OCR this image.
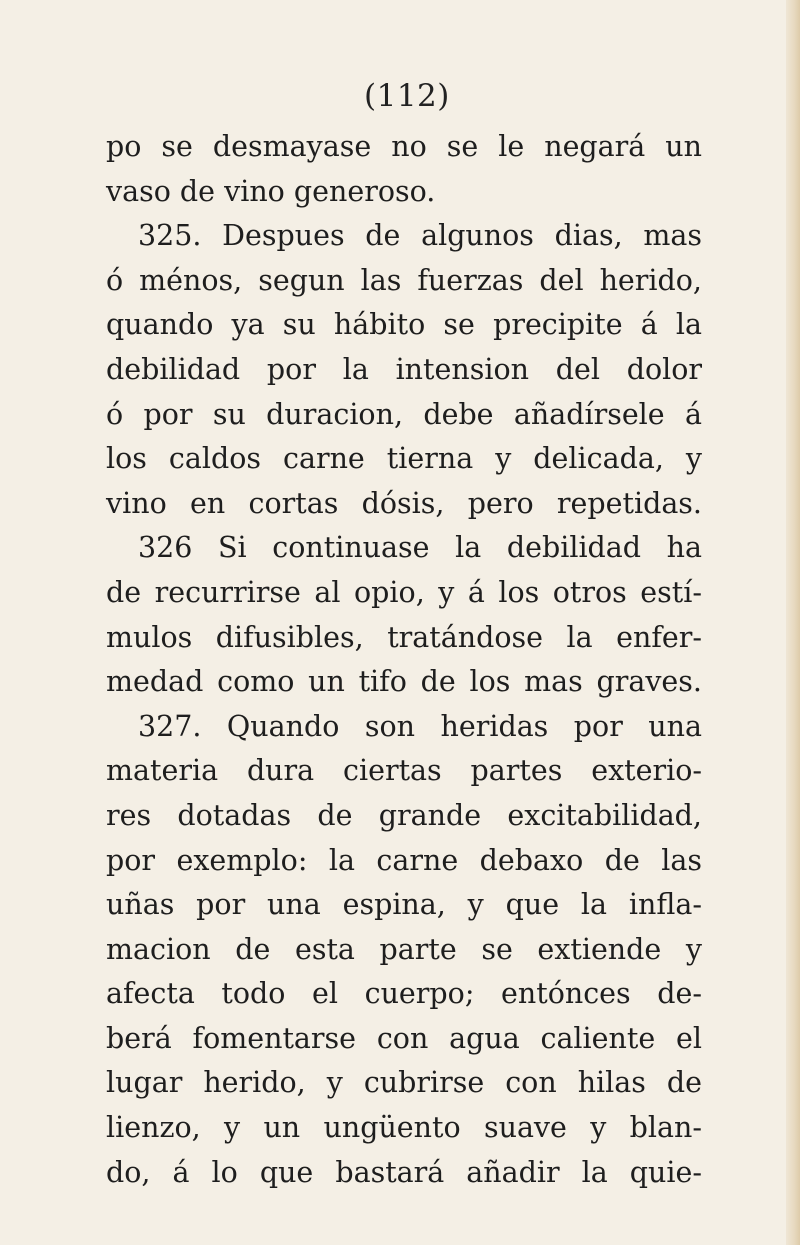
(112)
po se desmayase no se le negará un
vaso de vino generoso.
325. Despues de algunos dias, mas
ó ménos, segun las fuerzas del herido,
quando ya su hábito se precipite á la
debilidad por la intension del dolor
ó por su duracion, debe añadírsele á
los caldos carne tierna y delicada, y
vino en cortas dósis, pero repetidas.
326 Si continuase la debilidad ha
de recurrirse al opio, y á los otros estí-
mulos difusibles, tratándose la enfer-
medad como un tifo de los mas graves.
327. Quando son heridas por una
materia dura ciertas partes exterio-
res dotadas de grande excitabilidad,
por exemplo: la carne debaxo de las
uñas por una espina, y que la infla-
macion de esta parte se extiende y
afecta todo el cuerpo; entónces de-
berá fomentarse con agua caliente el
lugar herido, y cubrirse con hilas de
lienzo, y un ungüento suave y blan-
do, á lo que bastará añadir la quie-
